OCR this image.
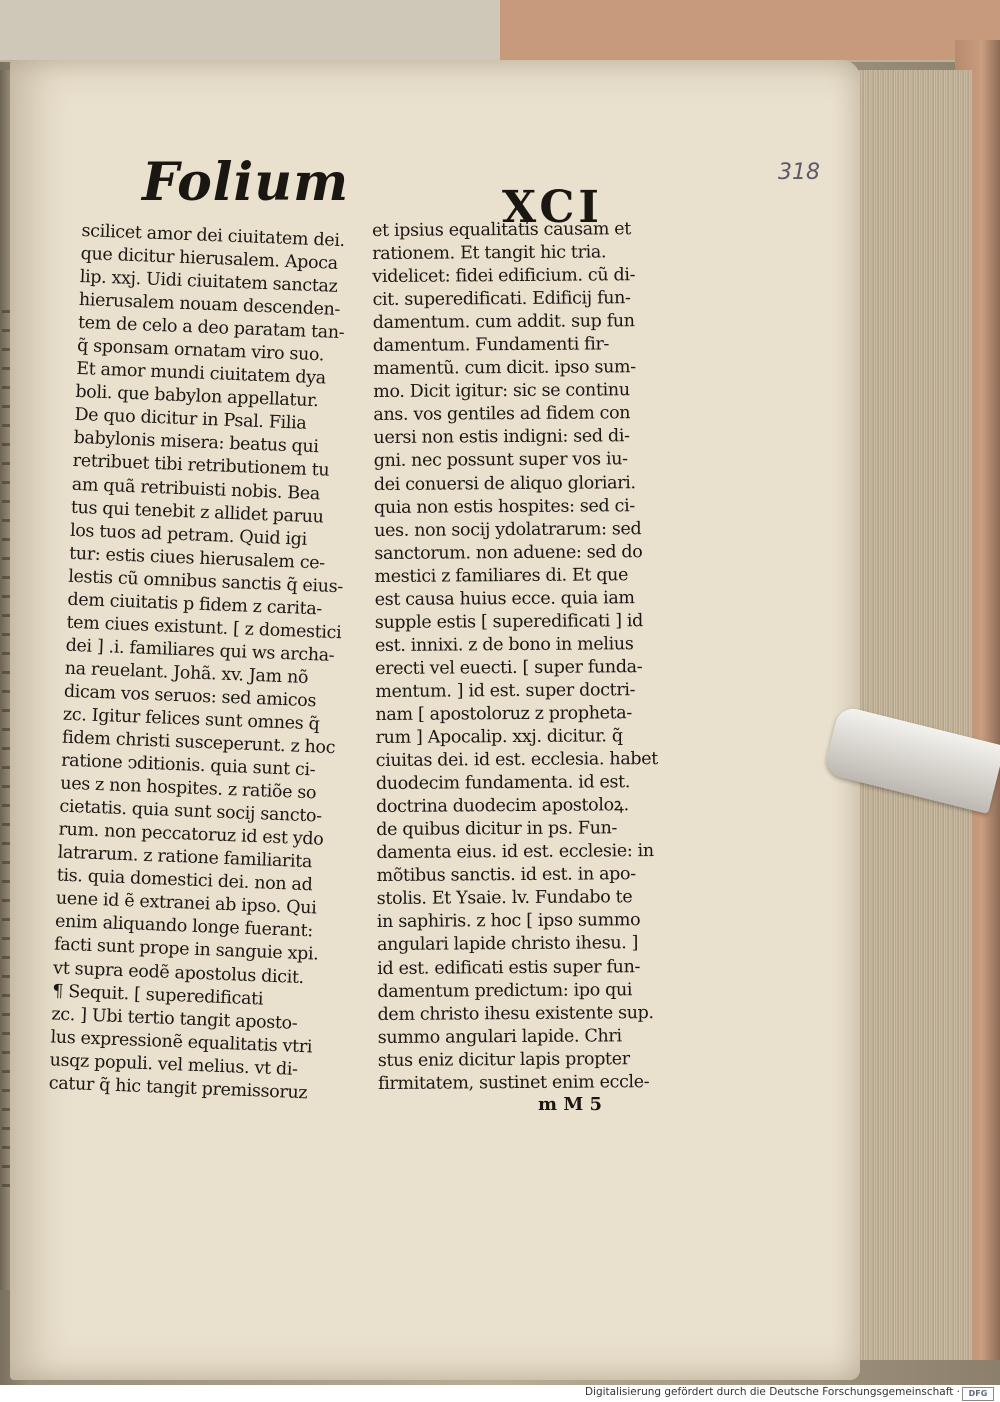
Folium	XCI
318
scilicet amor dei ciuitatem dei.
que dicitur hierusalem. Apoca
lip. xxj. Uidi ciuitatem sanctaz
hierusalem nouam descenden-
tem de celo a deo paratam tan-
q̃ sponsam ornatam viro suo.
Et amor mundi ciuitatem dya
boli. que babylon appellatur.
De quo dicitur in Psal. Filia
babylonis misera: beatus qui
retribuet tibi retributionem tu
am quã retribuisti nobis. Bea
tus qui tenebit z allidet paruu
los tuos ad petram. Quid igi
tur: estis ciues hierusalem ce-
lestis cũ omnibus sanctis q̃ eius-
dem ciuitatis p fidem z carita-
tem ciues existunt. [ z domestici
dei ] .i. familiares qui ws archa-
na reuelant. Johã. xv. Jam nõ
dicam vos seruos: sed amicos
zc. Igitur felices sunt omnes q̃
fidem christi susceperunt. z hoc
ratione ↄditionis. quia sunt ci-
ues z non hospites. z ratiõe so
cietatis. quia sunt socij sancto-
rum. non peccatoruz id est ydo
latrarum. z ratione familiarita
tis. quia domestici dei. non ad
uene id ẽ extranei ab ipso. Qui
enim aliquando longe fuerant:
facti sunt prope in sanguie xpi.
vt supra eodẽ apostolus dicit.
¶ Sequit. [ superedificati
zc. ] Ubi tertio tangit aposto-
lus expressionẽ equalitatis vtri
usqz populi. vel melius. vt di-
catur q̃ hic tangit premissoruz
et ipsius equalitatis causam et
rationem. Et tangit hic tria.
videlicet: fidei edificium. cũ di-
cit. superedificati. Edificij fun-
damentum. cum addit. sup fun
damentum. Fundamenti fir-
mamentũ. cum dicit. ipso sum-
mo. Dicit igitur: sic se continu
ans. vos gentiles ad fidem con
uersi non estis indigni: sed di-
gni. nec possunt super vos iu-
dei conuersi de aliquo gloriari.
quia non estis hospites: sed ci-
ues. non socij ydolatrarum: sed
sanctorum. non aduene: sed do
mestici z familiares di. Et que
est causa huius ecce. quia iam
supple estis [ superedificati ] id
est. innixi. z de bono in melius
erecti vel euecti. [ super funda-
mentum. ] id est. super doctri-
nam [ apostoloruz z propheta-
rum ] Apocalip. xxj. dicitur. q̃
ciuitas dei. id est. ecclesia. habet
duodecim fundamenta. id est.
doctrina duodecim apostoloꝝ.
de quibus dicitur in ps. Fun-
damenta eius. id est. ecclesie: in
mõtibus sanctis. id est. in apo-
stolis. Et Ysaie. lv. Fundabo te
in saphiris. z hoc [ ipso summo
angulari lapide christo ihesu. ]
id est. edificati estis super fun-
damentum predictum: ipo qui
dem christo ihesu existente sup.
summo angulari lapide. Chri
stus eniz dicitur lapis propter
firmitatem, sustinet enim eccle-
m M 5
Digitalisierung gefördert durch die Deutsche Forschungsgemeinschaft ·	DFG
